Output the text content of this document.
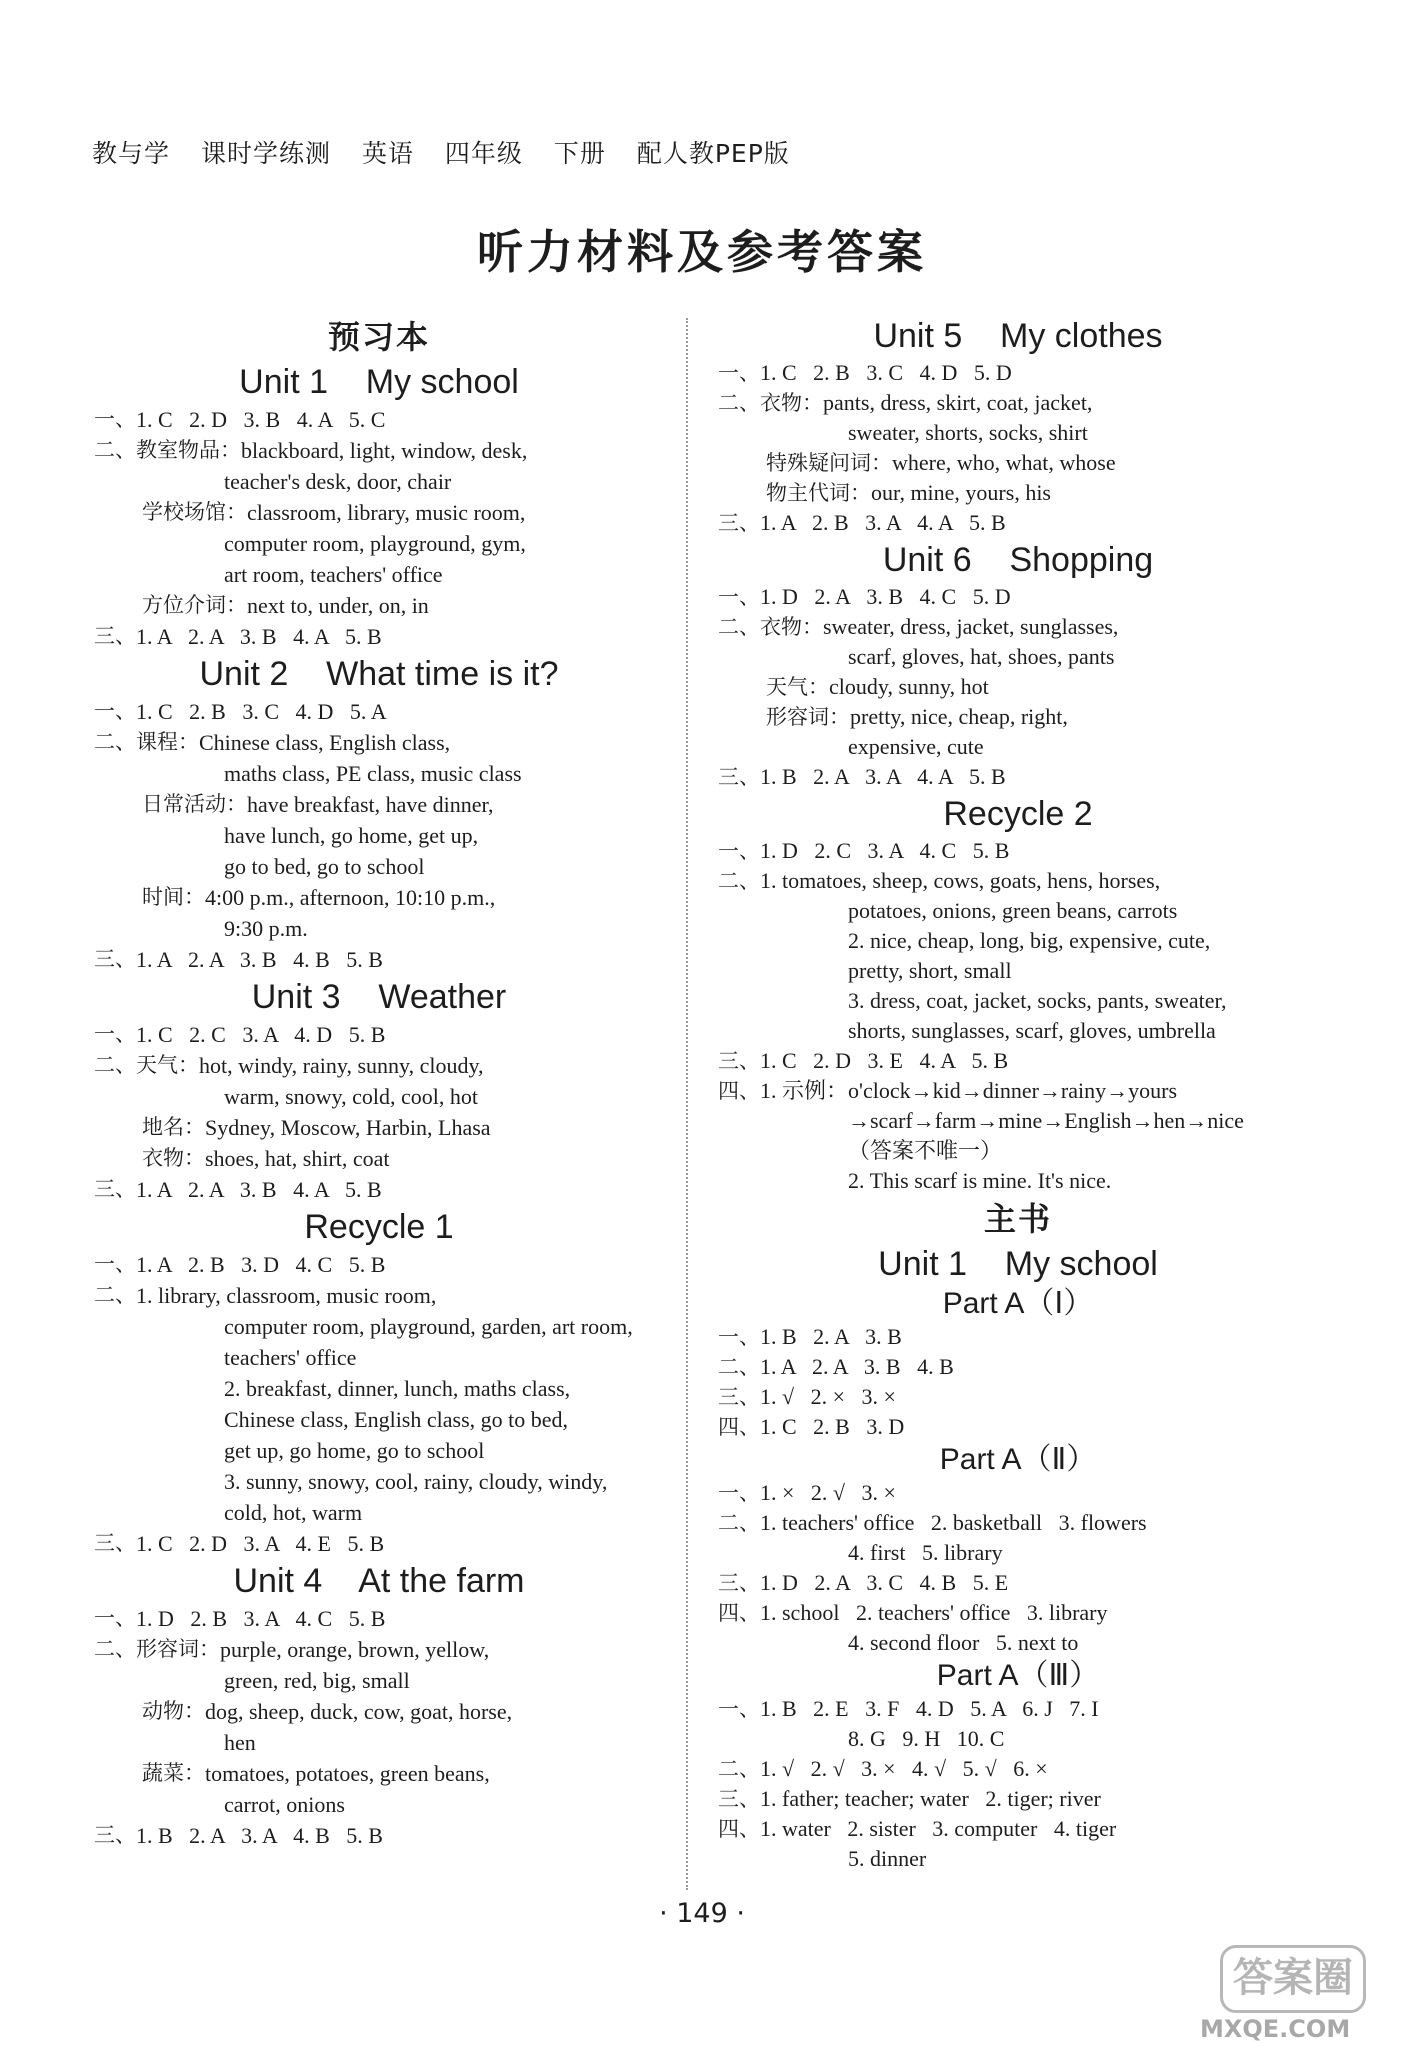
教与学 课时学练测 英语 四年级 下册 配人教PEP版
听力材料及参考答案
预习本
Unit 1    My school
一、 1. C   2. D   3. B   4. A   5. C
二、教室物品： blackboard, light, window, desk,
teacher's desk, door, chair
学校场馆： classroom, library, music room,
computer room, playground, gym,
art room, teachers' office
方位介词： next to, under, on, in
三、 1. A   2. A   3. B   4. A   5. B
Unit 2    What time is it?
一、 1. C   2. B   3. C   4. D   5. A
二、课程： Chinese class, English class,
maths class, PE class, music class
日常活动： have breakfast, have dinner,
have lunch, go home, get up,
go to bed, go to school
时间： 4:00 p.m., afternoon, 10:10 p.m.,
9:30 p.m.
三、 1. A   2. A   3. B   4. B   5. B
Unit 3    Weather
一、 1. C   2. C   3. A   4. D   5. B
二、天气： hot, windy, rainy, sunny, cloudy,
warm, snowy, cold, cool, hot
地名： Sydney, Moscow, Harbin, Lhasa
衣物： shoes, hat, shirt, coat
三、 1. A   2. A   3. B   4. A   5. B
Recycle 1
一、 1. A   2. B   3. D   4. C   5. B
二、 1. library, classroom, music room,
computer room, playground, garden, art room,
teachers' office
2. breakfast, dinner, lunch, maths class,
Chinese class, English class, go to bed,
get up, go home, go to school
3. sunny, snowy, cool, rainy, cloudy, windy,
cold, hot, warm
三、 1. C   2. D   3. A   4. E   5. B
Unit 4    At the farm
一、 1. D   2. B   3. A   4. C   5. B
二、形容词： purple, orange, brown, yellow,
green, red, big, small
动物： dog, sheep, duck, cow, goat, horse,
hen
蔬菜： tomatoes, potatoes, green beans,
carrot, onions
三、 1. B   2. A   3. A   4. B   5. B
Unit 5    My clothes
一、 1. C   2. B   3. C   4. D   5. D
二、衣物： pants, dress, skirt, coat, jacket,
sweater, shorts, socks, shirt
特殊疑问词： where, who, what, whose
物主代词： our, mine, yours, his
三、 1. A   2. B   3. A   4. A   5. B
Unit 6    Shopping
一、 1. D   2. A   3. B   4. C   5. D
二、衣物： sweater, dress, jacket, sunglasses,
scarf, gloves, hat, shoes, pants
天气： cloudy, sunny, hot
形容词： pretty, nice, cheap, right,
expensive, cute
三、 1. B   2. A   3. A   4. A   5. B
Recycle 2
一、 1. D   2. C   3. A   4. C   5. B
二、 1. tomatoes, sheep, cows, goats, hens, horses,
potatoes, onions, green beans, carrots
2. nice, cheap, long, big, expensive, cute,
pretty, short, small
3. dress, coat, jacket, socks, pants, sweater,
shorts, sunglasses, scarf, gloves, umbrella
三、 1. C   2. D   3. E   4. A   5. B
四、 1. 示例：o'clock→kid→dinner→rainy→yours
→scarf→farm→mine→English→hen→nice
（答案不唯一）
2. This scarf is mine. It's nice.
主书
Unit 1    My school
Part A（Ⅰ）
一、 1. B   2. A   3. B
二、 1. A   2. A   3. B   4. B
三、 1. √   2. ×   3. ×
四、 1. C   2. B   3. D
Part A（Ⅱ）
一、 1. ×   2. √   3. ×
二、 1. teachers' office   2. basketball   3. flowers
4. first   5. library
三、 1. D   2. A   3. C   4. B   5. E
四、 1. school   2. teachers' office   3. library
4. second floor   5. next to
Part A（Ⅲ）
一、 1. B   2. E   3. F   4. D   5. A   6. J   7. I
8. G   9. H   10. C
二、 1. √   2. √   3. ×   4. √   5. √   6. ×
三、 1. father; teacher; water   2. tiger; river
四、 1. water   2. sister   3. computer   4. tiger
5. dinner
· 149 ·
答案圈
MXQE.COM
